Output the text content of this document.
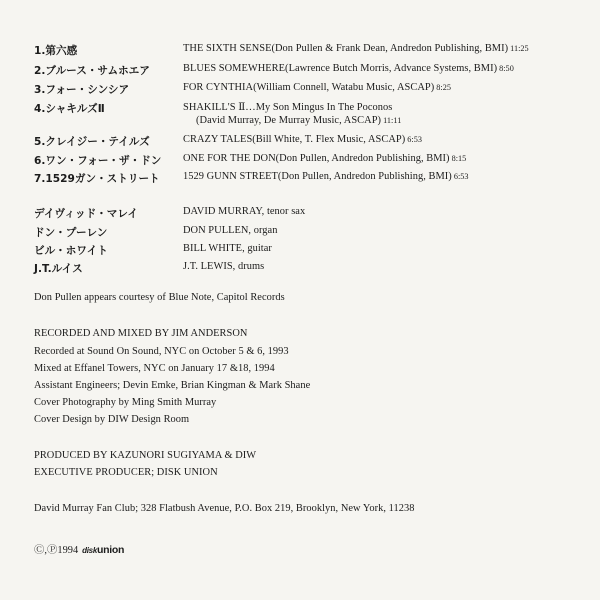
1.第六感	THE SIXTH SENSE(Don Pullen & Frank Dean, Andredon Publishing, BMI) 11:25
2.ブルース・サムホエア	BLUES SOMEWHERE(Lawrence Butch Morris, Advance Systems, BMI) 8:50
3.フォー・シンシア	FOR CYNTHIA(William Connell, Watabu Music, ASCAP) 8:25
4.シャキルズⅡ	SHAKILL'S Ⅱ…My Son Mingus In The Poconos
(David Murray, De Murray Music, ASCAP) 11:11
5.クレイジー・テイルズ	CRAZY TALES(Bill White, T. Flex Music, ASCAP) 6:53
6.ワン・フォー・ザ・ドン ONE FOR THE DON(Don Pullen, Andredon Publishing, BMI) 8:15
7.1529ガン・ストリート 1529 GUNN STREET(Don Pullen, Andredon Publishing, BMI) 6:53
デイヴィッド・マレイ	DAVID MURRAY, tenor sax
ドン・プーレン	DON PULLEN, organ
ビル・ホワイト	BILL WHITE, guitar
J.T.ルイス	J.T. LEWIS, drums
Don Pullen appears courtesy of Blue Note, Capitol Records
RECORDED AND MIXED BY JIM ANDERSON
Recorded at Sound On Sound, NYC on October 5 & 6, 1993
Mixed at Effanel Towers, NYC on January 17 &18, 1994
Assistant Engineers; Devin Emke, Brian Kingman & Mark Shane
Cover Photography by Ming Smith Murray
Cover Design by DIW Design Room
PRODUCED BY KAZUNORI SUGIYAMA & DIW
EXECUTIVE PRODUCER; DISK UNION
David Murray Fan Club; 328 Flatbush Avenue, P.O. Box 219, Brooklyn, New York, 11238
Ⓒ,Ⓟ1994 diskunion
